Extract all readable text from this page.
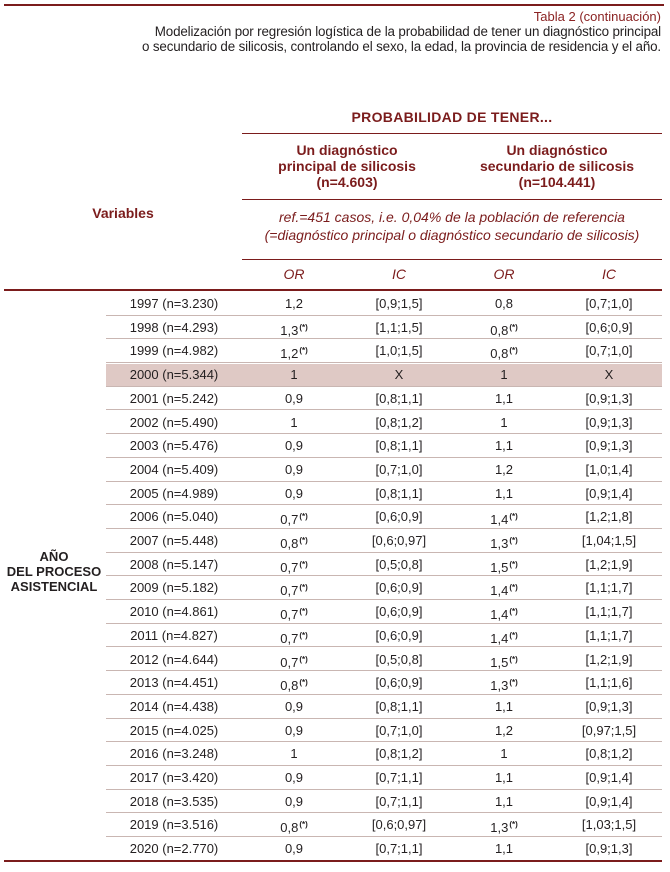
Tabla 2 (continuación)
Modelización por regresión logística de la probabilidad de tener un diagnóstico principal
o secundario de silicosis, controlando el sexo, la edad, la provincia de residencia y el año.
PROBABILIDAD DE TENER...
Un diagnóstico
principal de silicosis
(n=4.603)
Un diagnóstico
secundario de silicosis
(n=104.441)
Variables	ref.=451 casos, i.e. 0,04% de la población de referencia
(=diagnóstico principal o diagnóstico secundario de silicosis)
OR	IC	OR	IC
AÑO
DEL PROCESO
ASISTENCIAL
1997 (n=3.230)	1,2	[0,9;1,5]	0,8	[0,7;1,0]
1998 (n=4.293)	1,3(*)	[1,1;1,5]	0,8(*)	[0,6;0,9]
1999 (n=4.982)	1,2(*)	[1,0;1,5]	0,8(*)	[0,7;1,0]
2000 (n=5.344)	1	X	1	X
2001 (n=5.242)	0,9	[0,8;1,1]	1,1	[0,9;1,3]
2002 (n=5.490)	1	[0,8;1,2]	1	[0,9;1,3]
2003 (n=5.476)	0,9	[0,8;1,1]	1,1	[0,9;1,3]
2004 (n=5.409)	0,9	[0,7;1,0]	1,2	[1,0;1,4]
2005 (n=4.989)	0,9	[0,8;1,1]	1,1	[0,9;1,4]
2006 (n=5.040)	0,7(*)	[0,6;0,9]	1,4(*)	[1,2;1,8]
2007 (n=5.448)	0,8(*)	[0,6;0,97]	1,3(*)	[1,04;1,5]
2008 (n=5.147)	0,7(*)	[0,5;0,8]	1,5(*)	[1,2;1,9]
2009 (n=5.182)	0,7(*)	[0,6;0,9]	1,4(*)	[1,1;1,7]
2010 (n=4.861)	0,7(*)	[0,6;0,9]	1,4(*)	[1,1;1,7]
2011 (n=4.827)	0,7(*)	[0,6;0,9]	1,4(*)	[1,1;1,7]
2012 (n=4.644)	0,7(*)	[0,5;0,8]	1,5(*)	[1,2;1,9]
2013 (n=4.451)	0,8(*)	[0,6;0,9]	1,3(*)	[1,1;1,6]
2014 (n=4.438)	0,9	[0,8;1,1]	1,1	[0,9;1,3]
2015 (n=4.025)	0,9	[0,7;1,0]	1,2	[0,97;1,5]
2016 (n=3.248)	1	[0,8;1,2]	1	[0,8;1,2]
2017 (n=3.420)	0,9	[0,7;1,1]	1,1	[0,9;1,4]
2018 (n=3.535)	0,9	[0,7;1,1]	1,1	[0,9;1,4]
2019 (n=3.516)	0,8(*)	[0,6;0,97]	1,3(*)	[1,03;1,5]
2020 (n=2.770)	0,9	[0,7;1,1]	1,1	[0,9;1,3]
